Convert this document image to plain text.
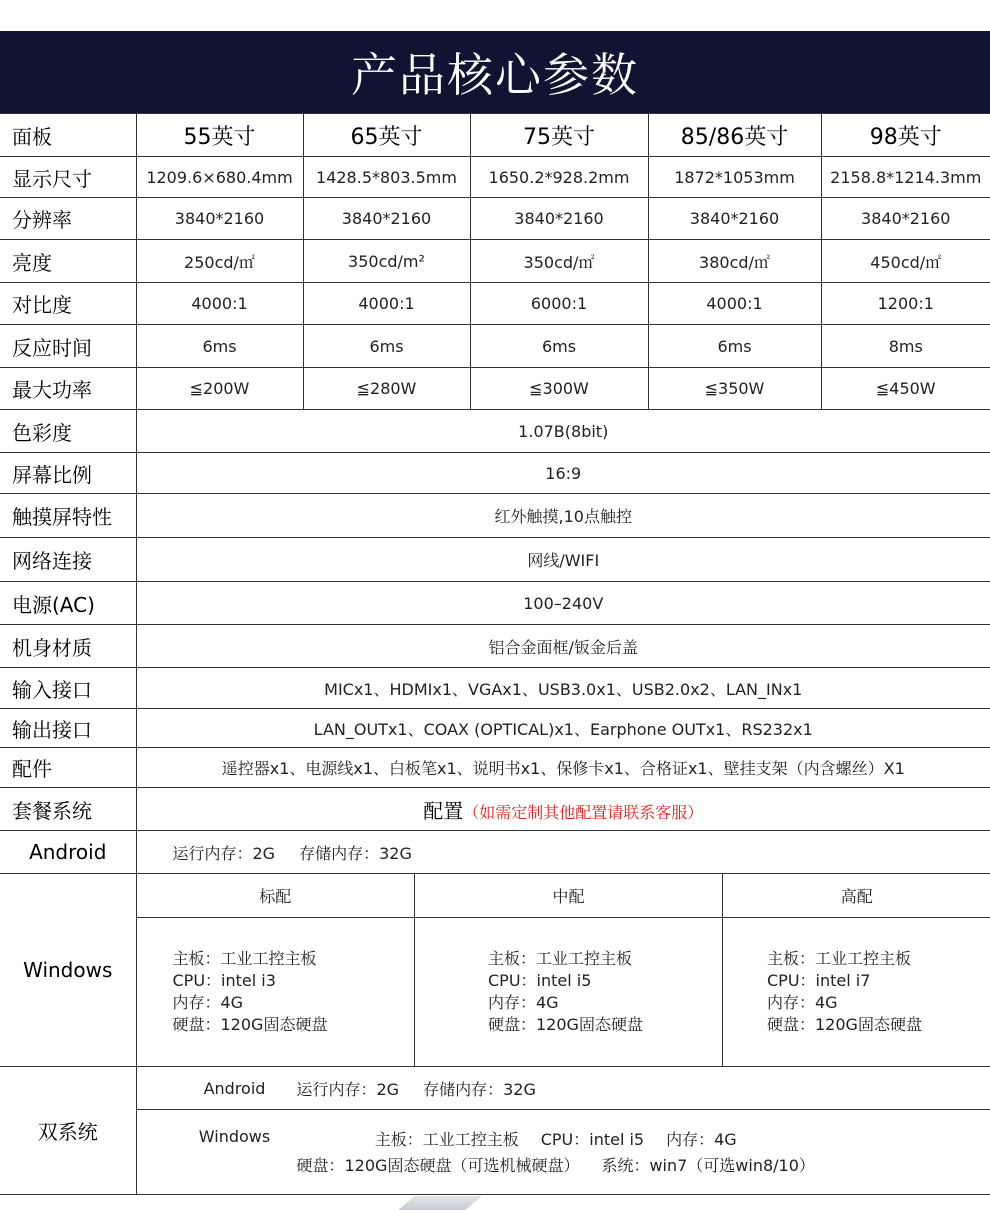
产品核心参数
面板	55英寸	65英寸	75英寸	85/86英寸	98英寸
显示尺寸	1209.6×680.4mm	1428.5*803.5mm	1650.2*928.2mm	1872*1053mm	2158.8*1214.3mm
分辨率	3840*2160	3840*2160	3840*2160	3840*2160	3840*2160
亮度	250cd/㎡	350cd/m²	350cd/㎡	380cd/㎡	450cd/㎡
对比度	4000:1	4000:1	6000:1	4000:1	1200:1
反应时间	6ms	6ms	6ms	6ms	8ms
最大功率	≦200W	≦280W	≦300W	≦350W	≦450W
色彩度	1.07B(8bit)
屏幕比例	16:9
触摸屏特性	红外触摸,10点触控
网络连接	网线/WIFI
电源(AC)	100–240V
机身材质	铝合金面框/钣金后盖
输入接口	MICx1、HDMIx1、VGAx1、USB3.0x1、USB2.0x2、LAN_INx1
输出接口	LAN_OUTx1、COAX (OPTICAL)x1、Earphone OUTx1、RS232x1
配件	遥控器x1、电源线x1、白板笔x1、说明书x1、保修卡x1、合格证x1、壁挂支架（内含螺丝）X1
套餐系统	配置（如需定制其他配置请联系客服）
Android	运行内存：2G 存储内存：32G
Windows	
标配	中配	高配

主板：工业工控主板
CPU：intel i3
内存：4G
硬盘：120G固态硬盘

主板：工业工控主板
CPU：intel i5
内存：4G
硬盘：120G固态硬盘

主板：工业工控主板
CPU：intel i7
内存：4G
硬盘：120G固态硬盘

双系统	
Android	运行内存：2G 存储内存：32G
Windows	主板：工业工控主板 CPU：intel i5 内存：4G
硬盘：120G固态硬盘（可选机械硬盘） 系统：win7（可选win8/10）
